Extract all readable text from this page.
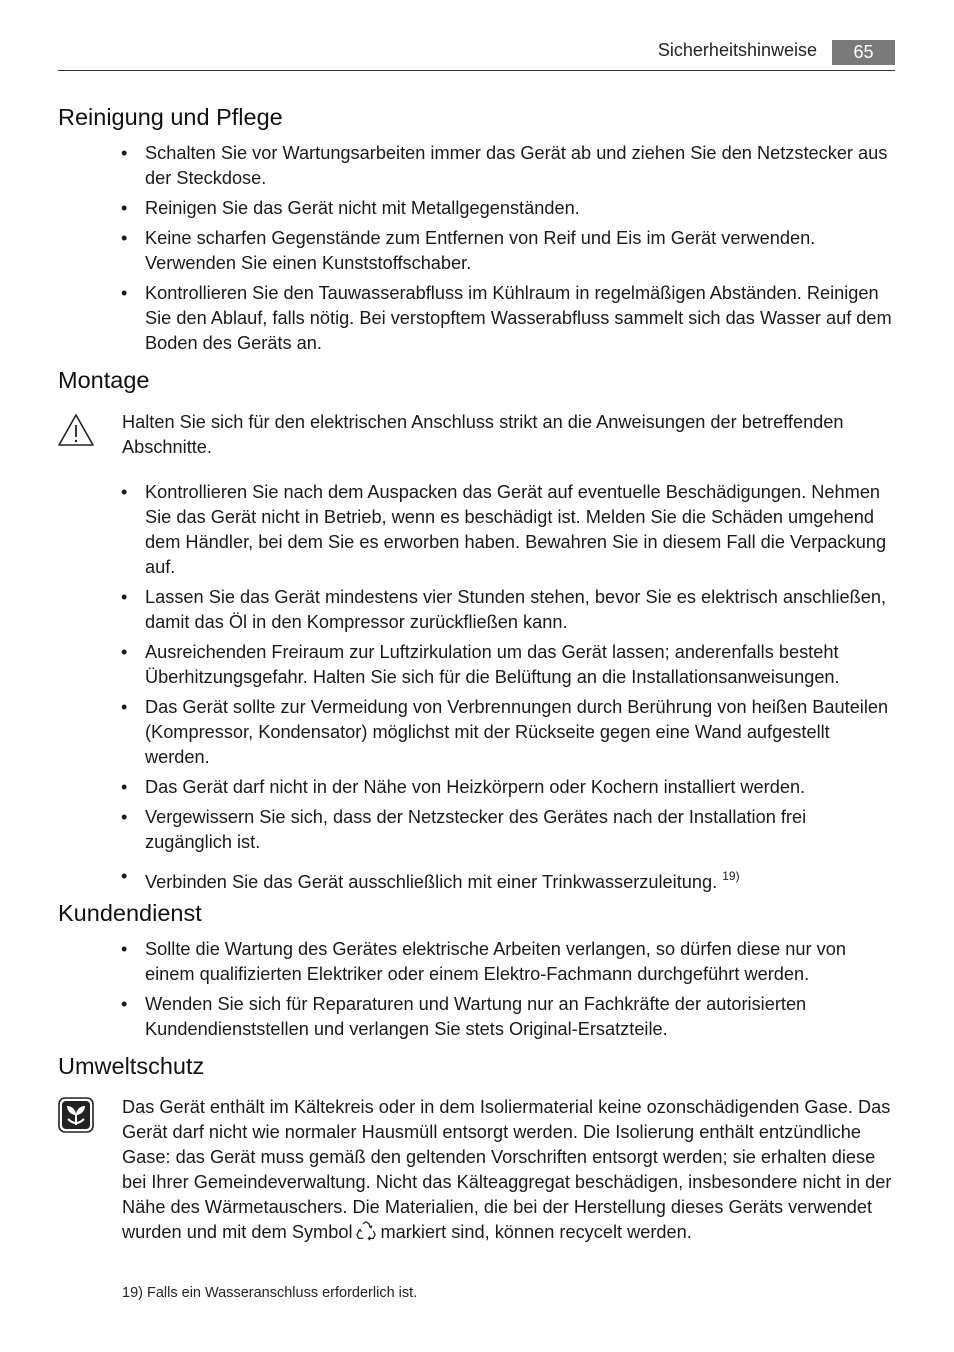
Sicherheitshinweise	65
Reinigung und Pflege
• Schalten Sie vor Wartungsarbeiten immer das Gerät ab und ziehen Sie den Netzstecker aus der Steckdose.
• Reinigen Sie das Gerät nicht mit Metallgegenständen.
• Keine scharfen Gegenstände zum Entfernen von Reif und Eis im Gerät verwenden. Verwenden Sie einen Kunststoffschaber.
• Kontrollieren Sie den Tauwasserabfluss im Kühlraum in regelmäßigen Abständen. Reinigen Sie den Ablauf, falls nötig. Bei verstopftem Wasserabfluss sammelt sich das Wasser auf dem Boden des Geräts an.
Montage
Halten Sie sich für den elektrischen Anschluss strikt an die Anweisungen der betreffenden Abschnitte.
• Kontrollieren Sie nach dem Auspacken das Gerät auf eventuelle Beschädigungen. Nehmen Sie das Gerät nicht in Betrieb, wenn es beschädigt ist. Melden Sie die Schäden umgehend dem Händler, bei dem Sie es erworben haben. Bewahren Sie in diesem Fall die Verpackung auf.
• Lassen Sie das Gerät mindestens vier Stunden stehen, bevor Sie es elektrisch anschließen, damit das Öl in den Kompressor zurückfließen kann.
• Ausreichenden Freiraum zur Luftzirkulation um das Gerät lassen; anderenfalls besteht Überhitzungsgefahr. Halten Sie sich für die Belüftung an die Installationsanweisungen.
• Das Gerät sollte zur Vermeidung von Verbrennungen durch Berührung von heißen Bauteilen (Kompressor, Kondensator) möglichst mit der Rückseite gegen eine Wand aufgestellt werden.
• Das Gerät darf nicht in der Nähe von Heizkörpern oder Kochern installiert werden.
• Vergewissern Sie sich, dass der Netzstecker des Gerätes nach der Installation frei zugänglich ist.
• Verbinden Sie das Gerät ausschließlich mit einer Trinkwasserzuleitung. $^{19)}$
Kundendienst
• Sollte die Wartung des Gerätes elektrische Arbeiten verlangen, so dürfen diese nur von einem qualifizierten Elektriker oder einem Elektro-Fachmann durchgeführt werden.
• Wenden Sie sich für Reparaturen und Wartung nur an Fachkräfte der autorisierten Kundendienststellen und verlangen Sie stets Original-Ersatzteile.
Umweltschutz
Das Gerät enthält im Kältekreis oder in dem Isoliermaterial keine ozonschädigenden Gase. Das Gerät darf nicht wie normaler Hausmüll entsorgt werden. Die Isolierung enthält entzündliche Gase: das Gerät muss gemäß den geltenden Vorschriften entsorgt werden; sie erhalten diese bei Ihrer Gemeindeverwaltung. Nicht das Kälteaggregat beschädigen, insbesondere nicht in der Nähe des Wärmetauschers. Die Materialien, die bei der Herstellung dieses Geräts verwendet wurden und mit dem Symbol markiert sind, können recycelt werden.
19) Falls ein Wasseranschluss erforderlich ist.
